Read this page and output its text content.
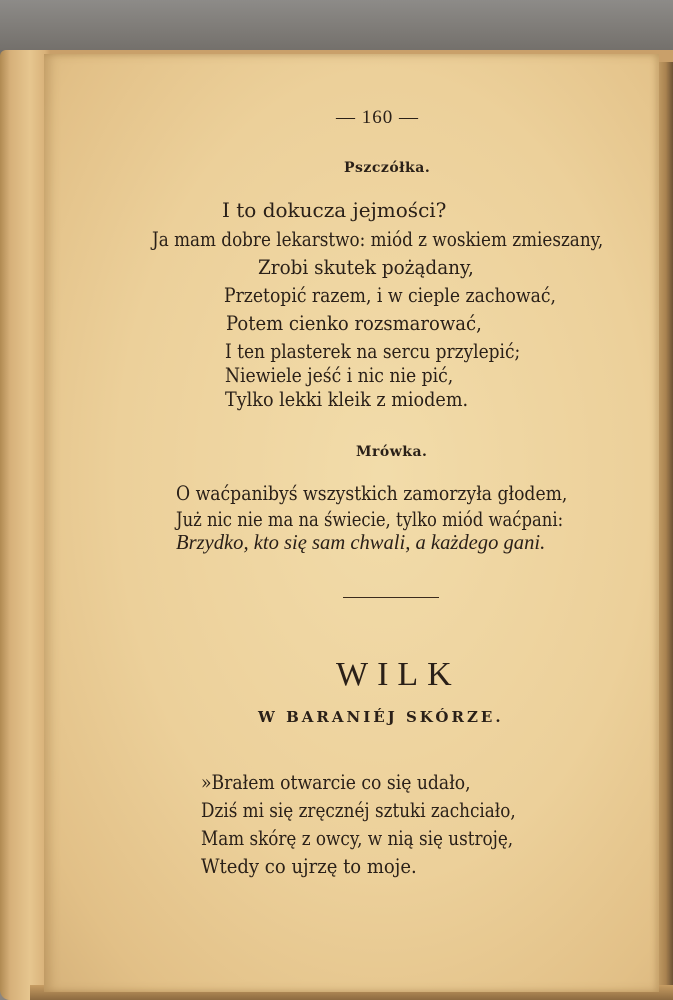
— 160 —
Pszczółka.
I to dokucza jejmości?
Ja mam dobre lekarstwo: miód z woskiem zmieszany,
Zrobi skutek pożądany,
Przetopić razem, i w cieple zachować,
Potem cienko rozsmarować,
I ten plasterek na sercu przylepić;
Niewiele jeść i nic nie pić,
Tylko lekki kleik z miodem.
Mrówka.
O waćpanibyś wszystkich zamorzyła głodem,
Już nic nie ma na świecie, tylko miód waćpani:
Brzydko, kto się sam chwali, a każdego gani.
WILK
W BARANIÉJ SKÓRZE.
»Brałem otwarcie co się udało,
Dziś mi się zręcznéj sztuki zachciało,
Mam skórę z owcy, w nią się ustroję,
Wtedy co ujrzę to moje.
